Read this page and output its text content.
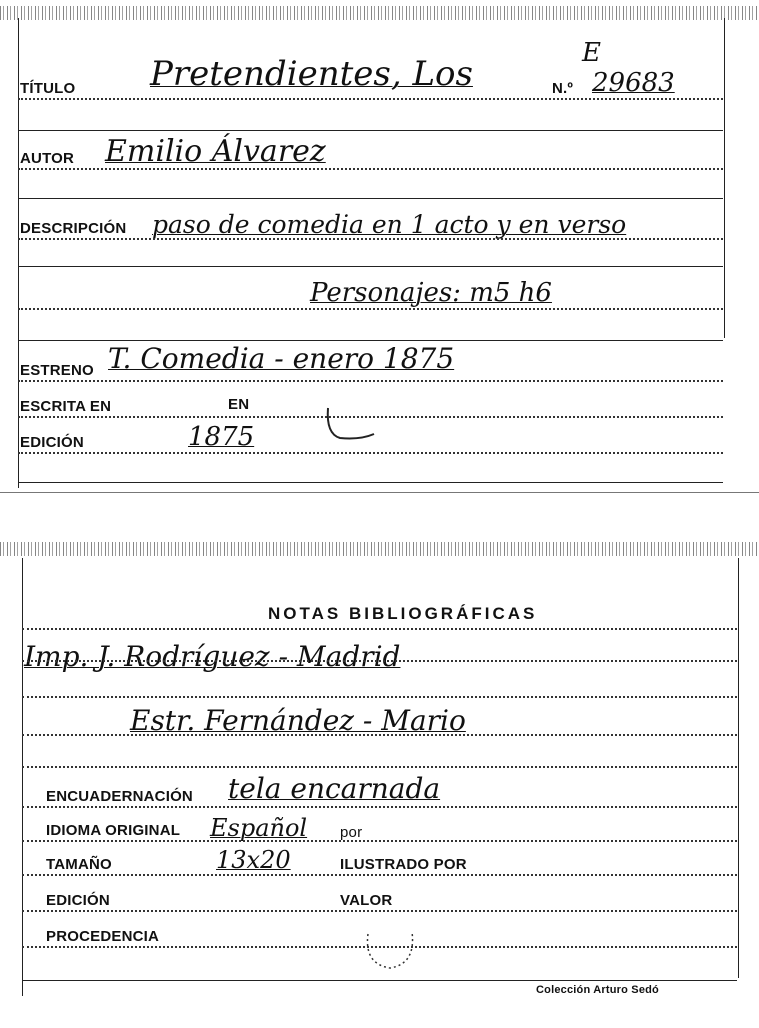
E
TÍTULO Pretendientes, Los	N.º 29683
AUTOR Emilio Álvarez
DESCRIPCIÓN paso de comedia en 1 acto y en verso
Personajes: m5 h6
ESTRENO T. Comedia - enero 1875
ESCRITA EN	EN
EDICIÓN	1875
NOTAS BIBLIOGRÁFICAS
Imp. J. Rodríguez - Madrid
Estr. Fernández - Mario
ENCUADERNACIÓN tela encarnada
IDIOMA ORIGINAL Español por
TAMAÑO	13x20	ILUSTRADO POR
EDICIÓN	VALOR
PROCEDENCIA
Colección Arturo Sedó
